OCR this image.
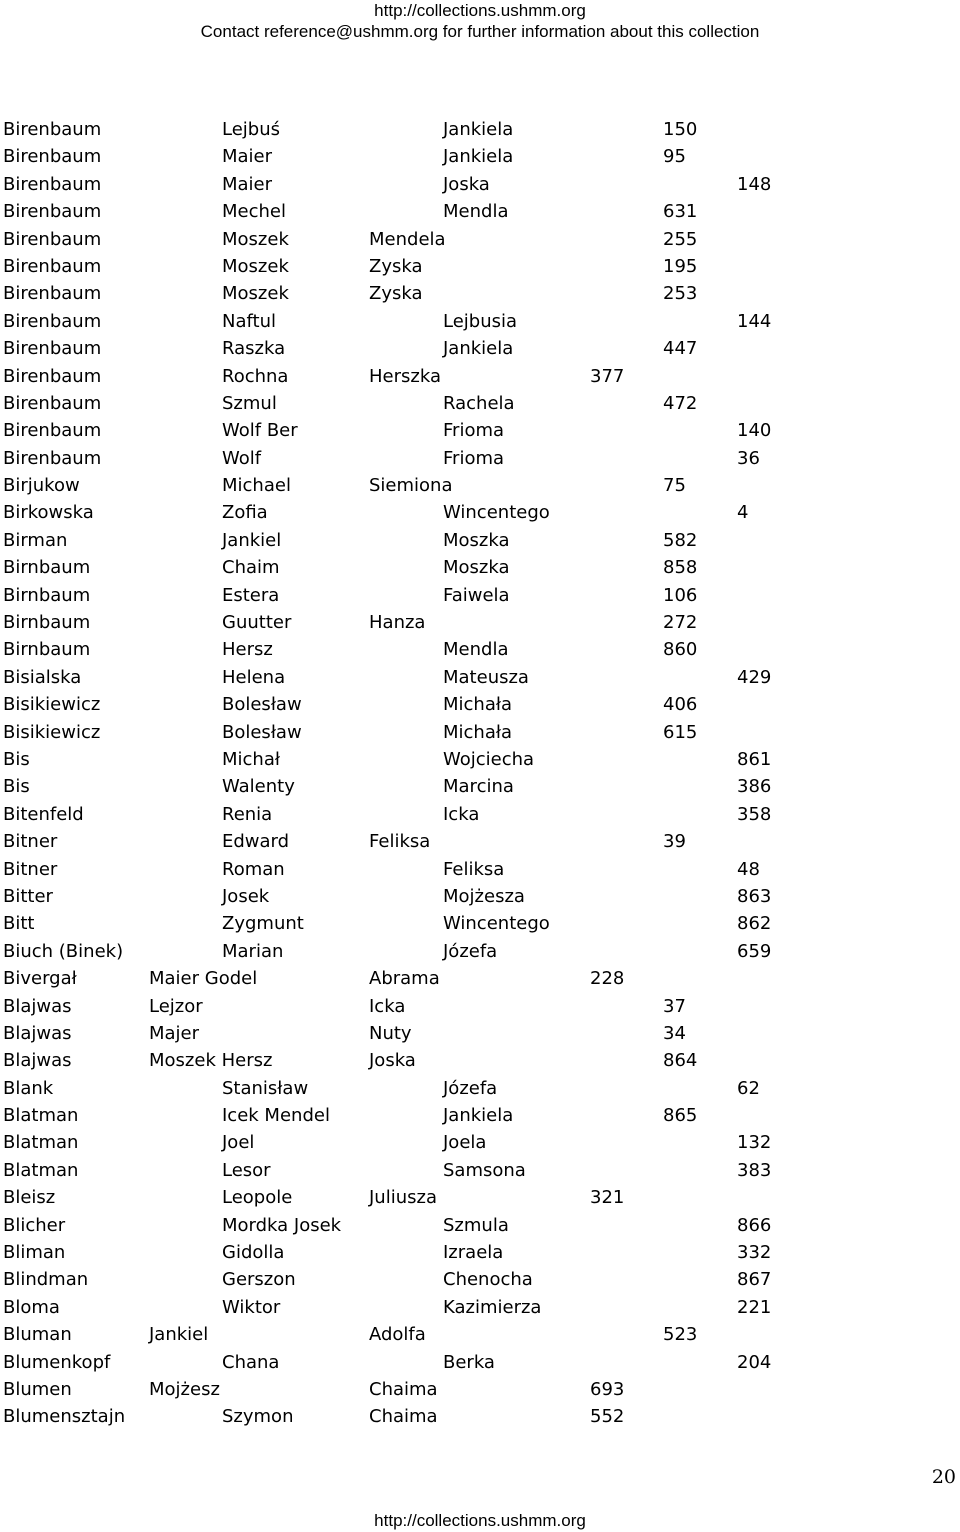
http://collections.ushmm.org
Contact reference@ushmm.org for further information about this collection
Birenbaum	Lejbuś	Jankiela	150
Birenbaum	Maier	Jankiela	95
Birenbaum	Maier	Joska	148
Birenbaum	Mechel	Mendla	631
Birenbaum	Moszek	Mendela	255
Birenbaum	Moszek	Zyska	195
Birenbaum	Moszek	Zyska	253
Birenbaum	Naftul	Lejbusia	144
Birenbaum	Raszka	Jankiela	447
Birenbaum	Rochna	Herszka	377
Birenbaum	Szmul	Rachela	472
Birenbaum	Wolf Ber	Frioma	140
Birenbaum	Wolf	Frioma	36
Birjukow	Michael	Siemiona	75
Birkowska	Zofia	Wincentego	4
Birman	Jankiel	Moszka	582
Birnbaum	Chaim	Moszka	858
Birnbaum	Estera	Faiwela	106
Birnbaum	Guutter	Hanza	272
Birnbaum	Hersz	Mendla	860
Bisialska	Helena	Mateusza	429
Bisikiewicz	Bolesław	Michała	406
Bisikiewicz	Bolesław	Michała	615
Bis	Michał	Wojciecha	861
Bis	Walenty	Marcina	386
Bitenfeld	Renia	Icka	358
Bitner	Edward	Feliksa	39
Bitner	Roman	Feliksa	48
Bitter	Josek	Mojżesza	863
Bitt	Zygmunt	Wincentego	862
Biuch (Binek)	Marian	Józefa	659
Bivergał	Maier Godel	Abrama	228
Blajwas	Lejzor	Icka	37
Blajwas	Majer	Nuty	34
Blajwas	Moszek Hersz	Joska	864
Blank	Stanisław	Józefa	62
Blatman	Icek Mendel	Jankiela	865
Blatman	Joel	Joela	132
Blatman	Lesor	Samsona	383
Bleisz	Leopole	Juliusza	321
Blicher	Mordka Josek	Szmula	866
Bliman	Gidolla	Izraela	332
Blindman	Gerszon	Chenocha	867
Bloma	Wiktor	Kazimierza	221
Bluman	Jankiel	Adolfa	523
Blumenkopf	Chana	Berka	204
Blumen	Mojżesz	Chaima	693
Blumensztajn	Szymon	Chaima	552
20
http://collections.ushmm.org
